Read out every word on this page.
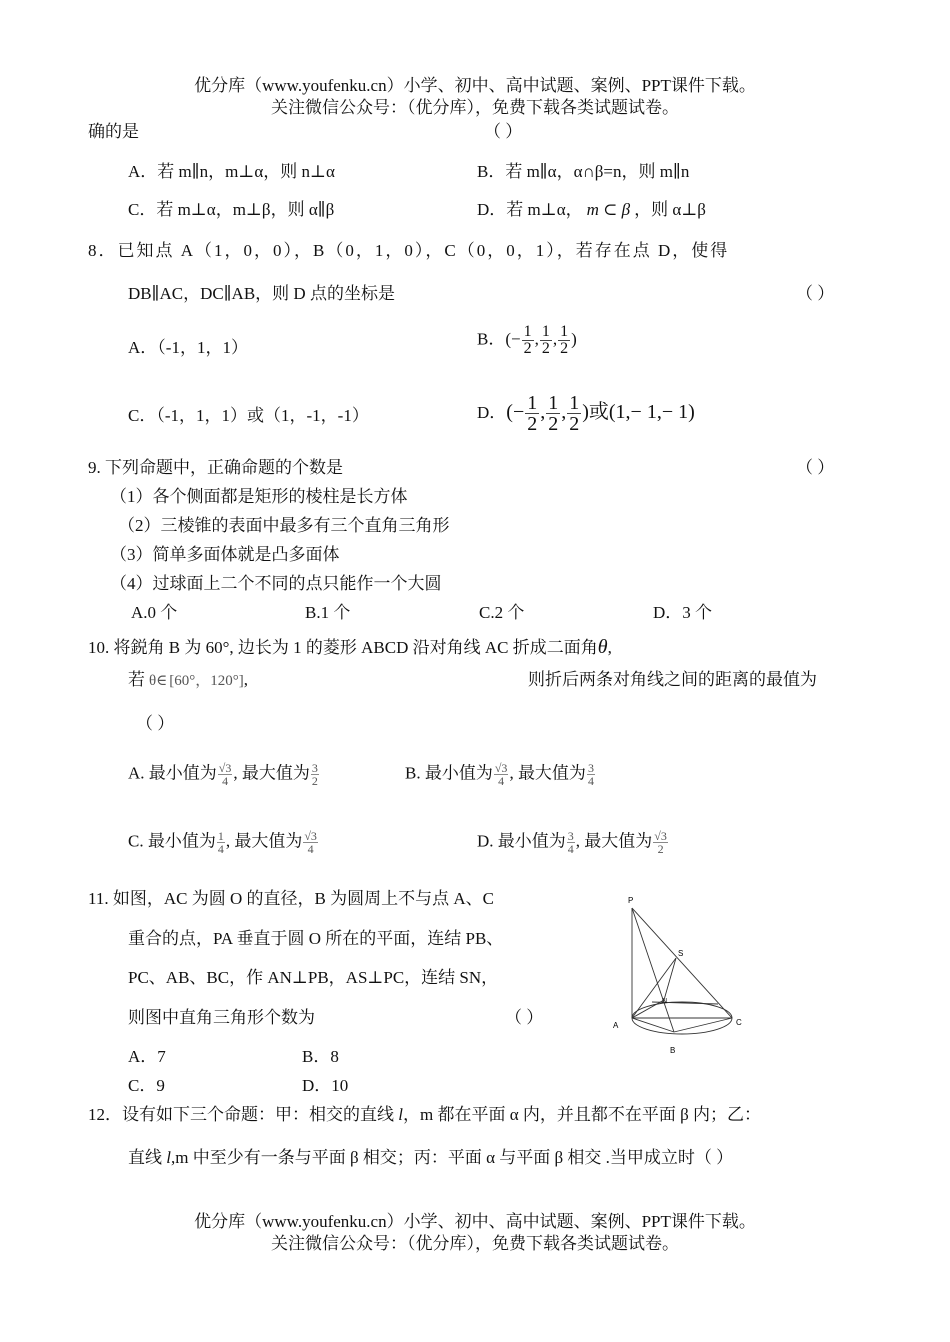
优分库（www.youfenku.cn）小学、初中、高中试题、案例、PPT课件下载。
关注微信公众号：（优分库），免费下载各类试题试卷。
确的是	（ ）
A．若 m∥n，m⊥α，则 n⊥α	B．若 m∥α，α∩β=n，则 m∥n
C．若 m⊥α，m⊥β，则 α∥β	D．若 m⊥α， m ⊂ β ，则 α⊥β
8．已知点 A（1，0，0），B（0，1，0），C（0，0，1），若存在点 D，使得
DB∥AC，DC∥AB，则 D 点的坐标是	（ ）
A．（-1，1，1）	B．(− $\frac{1}{2}$ , $\frac{1}{2}$ , $\frac{1}{2}$ )
C．（-1，1，1）或（1，-1，-1）	D．(− $\frac{1}{2}$ , $\frac{1}{2}$ , $\frac{1}{2}$ )或(1,− 1,− 1)
9. 下列命题中，正确命题的个数是	（ ）
（1）各个侧面都是矩形的棱柱是长方体
（2）三棱锥的表面中最多有三个直角三角形
（3）简单多面体就是凸多面体
（4）过球面上二个不同的点只能作一个大圆
A.0 个	B.1 个	C.2 个	D．3 个
10. 将鋭角 B 为 60°, 边长为 1 的菱形 ABCD 沿对角线 AC 折成二面角θ,
若 θ∈ [60°，120°],	则折后两条对角线之间的距离的最值为
（ ）
A. 最小值为 $\frac{√3}{4}$ , 最大值为 $\frac{3}{2}$	B. 最小值为 $\frac{√3}{4}$ , 最大值为 $\frac{3}{4}$
C. 最小值为 $\frac{1}{4}$ , 最大值为 $\frac{√3}{4}$	D. 最小值为 $\frac{3}{4}$ , 最大值为 $\frac{√3}{2}$
11. 如图，AC 为圆 O 的直径，B 为圆周上不与点 A、C
重合的点，PA 垂直于圆 O 所在的平面，连结 PB、
PC、AB、BC，作 AN⊥PB，AS⊥PC，连结 SN，
则图中直角三角形个数为	（ ）
A．7	B．8
C．9	D．10
P
S
N
A	C
B
12．设有如下三个命题：甲：相交的直线 l，m 都在平面 α 内，并且都不在平面 β 内；乙：
直线 l,m 中至少有一条与平面 β 相交；丙：平面 α 与平面 β 相交 .当甲成立时（ ）
优分库（www.youfenku.cn）小学、初中、高中试题、案例、PPT课件下载。
关注微信公众号：（优分库），免费下载各类试题试卷。
